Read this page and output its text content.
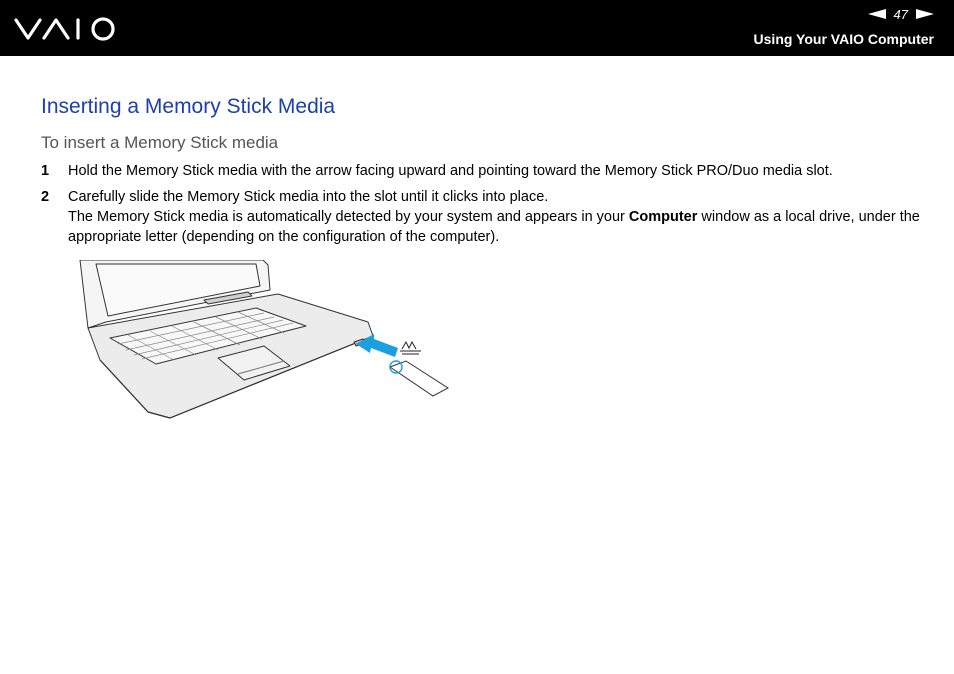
47
Using Your VAIO Computer
Inserting a Memory Stick Media
To insert a Memory Stick media
1 Hold the Memory Stick media with the arrow facing upward and pointing toward the Memory Stick PRO/Duo media slot.
2 Carefully slide the Memory Stick media into the slot until it clicks into place.
The Memory Stick media is automatically detected by your system and appears in your Computer window as a local drive, under the appropriate letter (depending on the configuration of the computer).
